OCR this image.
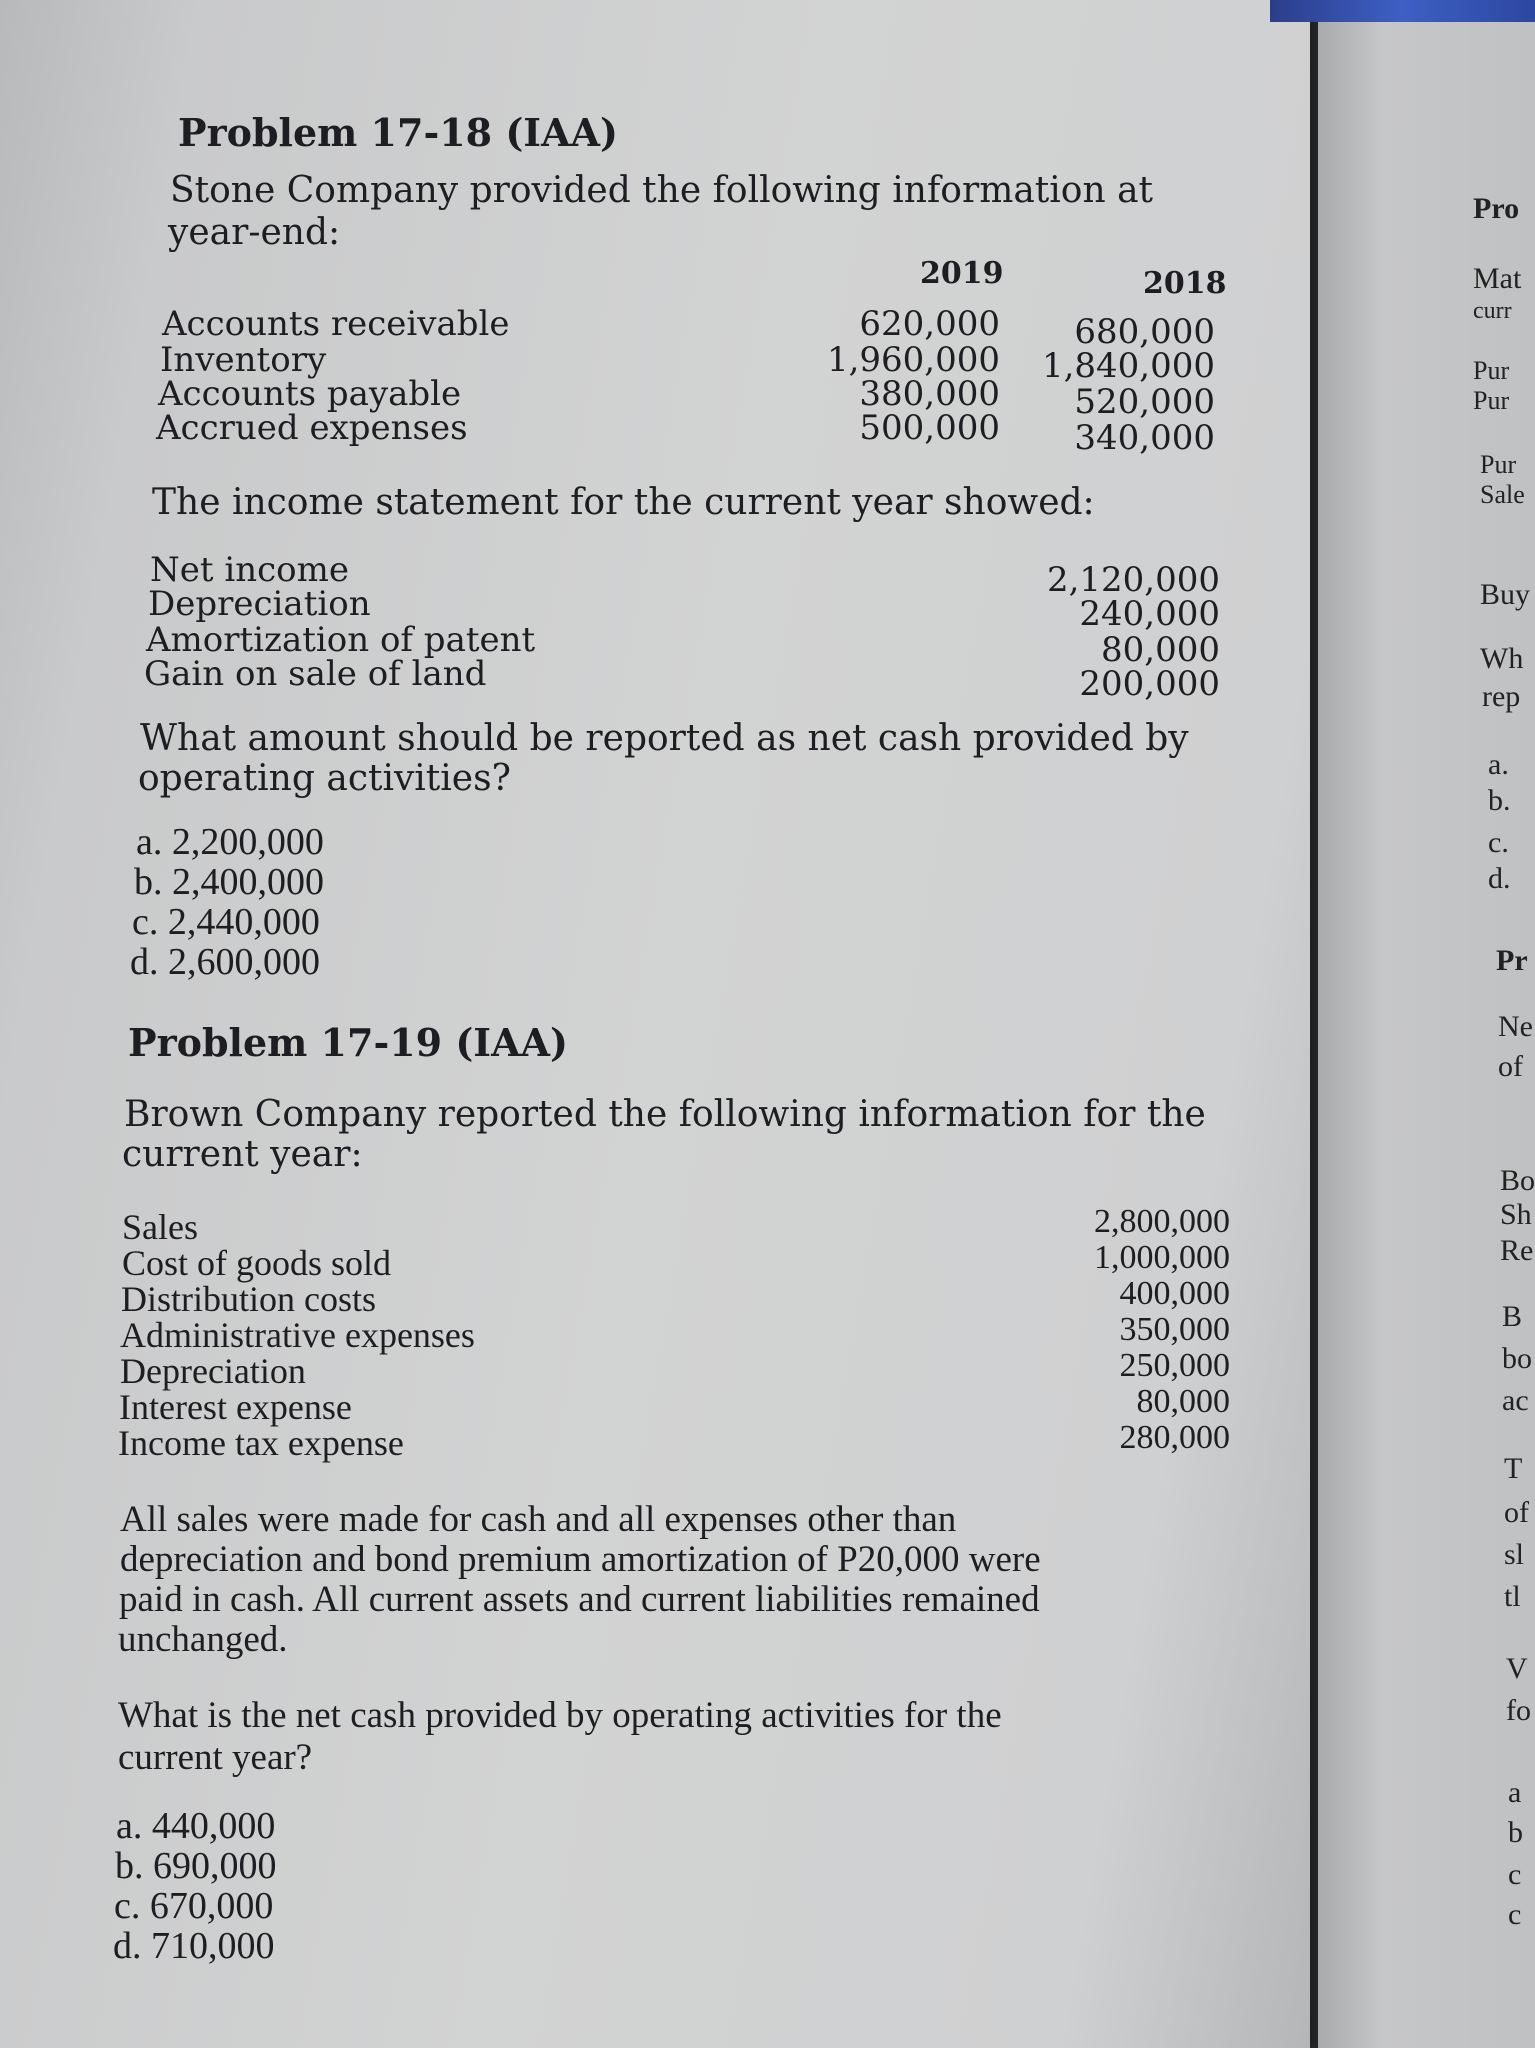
Problem 17-18 (IAA)
Stone Company provided the following information at
year-end:
2019	2018
Accounts receivable
Inventory
Accounts payable
Accrued expenses
620,000
1,960,000
380,000
500,000
680,000
1,840,000
520,000
340,000
The income statement for the current year showed:
Net income
Depreciation
Amortization of patent
Gain on sale of land
2,120,000
240,000
80,000
200,000
What amount should be reported as net cash provided by
operating activities?
a. 2,200,000
b. 2,400,000
c. 2,440,000
d. 2,600,000
Problem 17-19 (IAA)
Brown Company reported the following information for the
current year:
Sales
Cost of goods sold
Distribution costs
Administrative expenses
Depreciation
Interest expense
Income tax expense
2,800,000
1,000,000
400,000
350,000
250,000
80,000
280,000
All sales were made for cash and all expenses other than
depreciation and bond premium amortization of P20,000 were
paid in cash. All current assets and current liabilities remained
unchanged.
What is the net cash provided by operating activities for the
current year?
a. 440,000
b. 690,000
c. 670,000
d. 710,000
Pro
Mat
curr
Pur
Pur
Pur
Sale
Buy
Wh
rep
a.
b.
c.
d.
Pr
Ne
of
Bo
Sh
Re
B
bo
ac
T
of
sl
tl
V
fo
a
b
c
c
